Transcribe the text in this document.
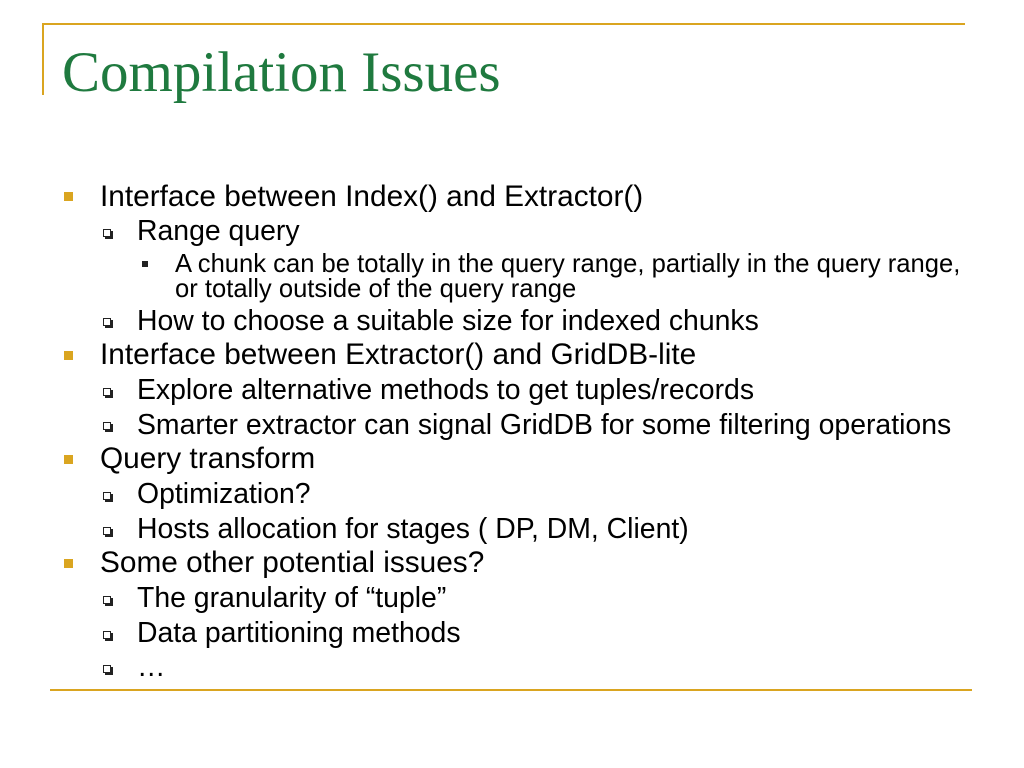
Compilation Issues
Interface between Index() and Extractor()
Range query
A chunk can be totally in the query range, partially in the query range, or totally outside of the query range
How to choose a suitable size for indexed chunks
Interface between Extractor() and GridDB-lite
Explore alternative methods to get tuples/records
Smarter extractor can signal GridDB for some filtering operations
Query transform
Optimization?
Hosts allocation for stages ( DP, DM, Client)
Some other potential issues?
The granularity of “tuple”
Data partitioning methods
…
